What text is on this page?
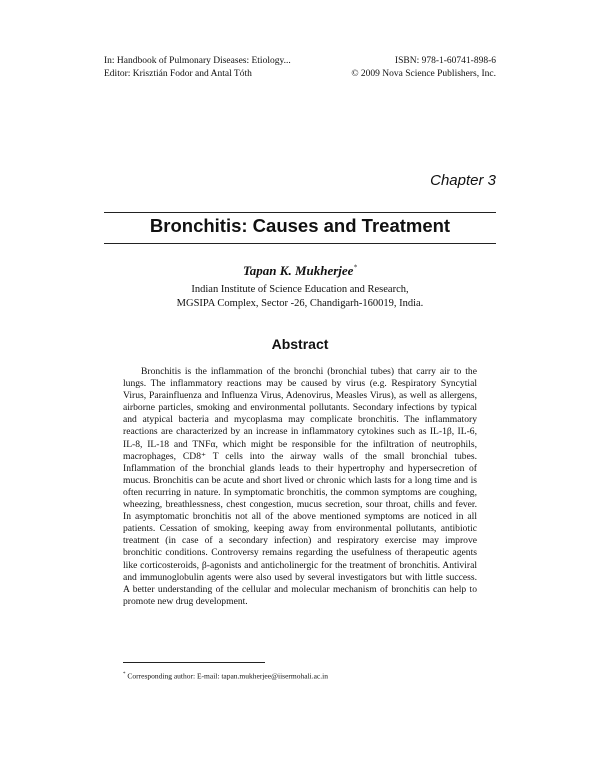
In: Handbook of Pulmonary Diseases: Etiology...	ISBN: 978-1-60741-898-6
Editor: Krisztián Fodor and Antal Tóth	© 2009 Nova Science Publishers, Inc.
Chapter 3
Bronchitis: Causes and Treatment
Tapan K. Mukherjee*
Indian Institute of Science Education and Research,
MGSIPA Complex, Sector -26, Chandigarh-160019, India.
Abstract

Bronchitis is the inflammation of the bronchi (bronchial tubes) that carry air to the lungs. The inflammatory reactions may be caused by virus (e.g. Respiratory Syncytial Virus, Parainfluenza and Influenza Virus, Adenovirus, Measles Virus), as well as allergens, airborne particles, smoking and environmental pollutants. Secondary infections by typical and atypical bacteria and mycoplasma may complicate bronchitis. The inflammatory reactions are characterized by an increase in inflammatory cytokines such as IL-1β, IL-6, IL-8, IL-18 and TNFα, which might be responsible for the infiltration of neutrophils, macrophages, CD8⁺ T cells into the airway walls of the small bronchial tubes. Inflammation of the bronchial glands leads to their hypertrophy and hypersecretion of mucus. Bronchitis can be acute and short lived or chronic which lasts for a long time and is often recurring in nature. In symptomatic bronchitis, the common symptoms are coughing, wheezing, breathlessness, chest congestion, mucus secretion, sour throat, chills and fever. In asymptomatic bronchitis not all of the above mentioned symptoms are noticed in all patients. Cessation of smoking, keeping away from environmental pollutants, antibiotic treatment (in case of a secondary infection) and respiratory exercise may improve bronchitic conditions. Controversy remains regarding the usefulness of therapeutic agents like corticosteroids, β-agonists and anticholinergic for the treatment of bronchitis. Antiviral and immunoglobulin agents were also used by several investigators but with little success. A better understanding of the cellular and molecular mechanism of bronchitis can help to promote new drug development.

* Corresponding author: E-mail: tapan.mukherjee@iisermohali.ac.in
